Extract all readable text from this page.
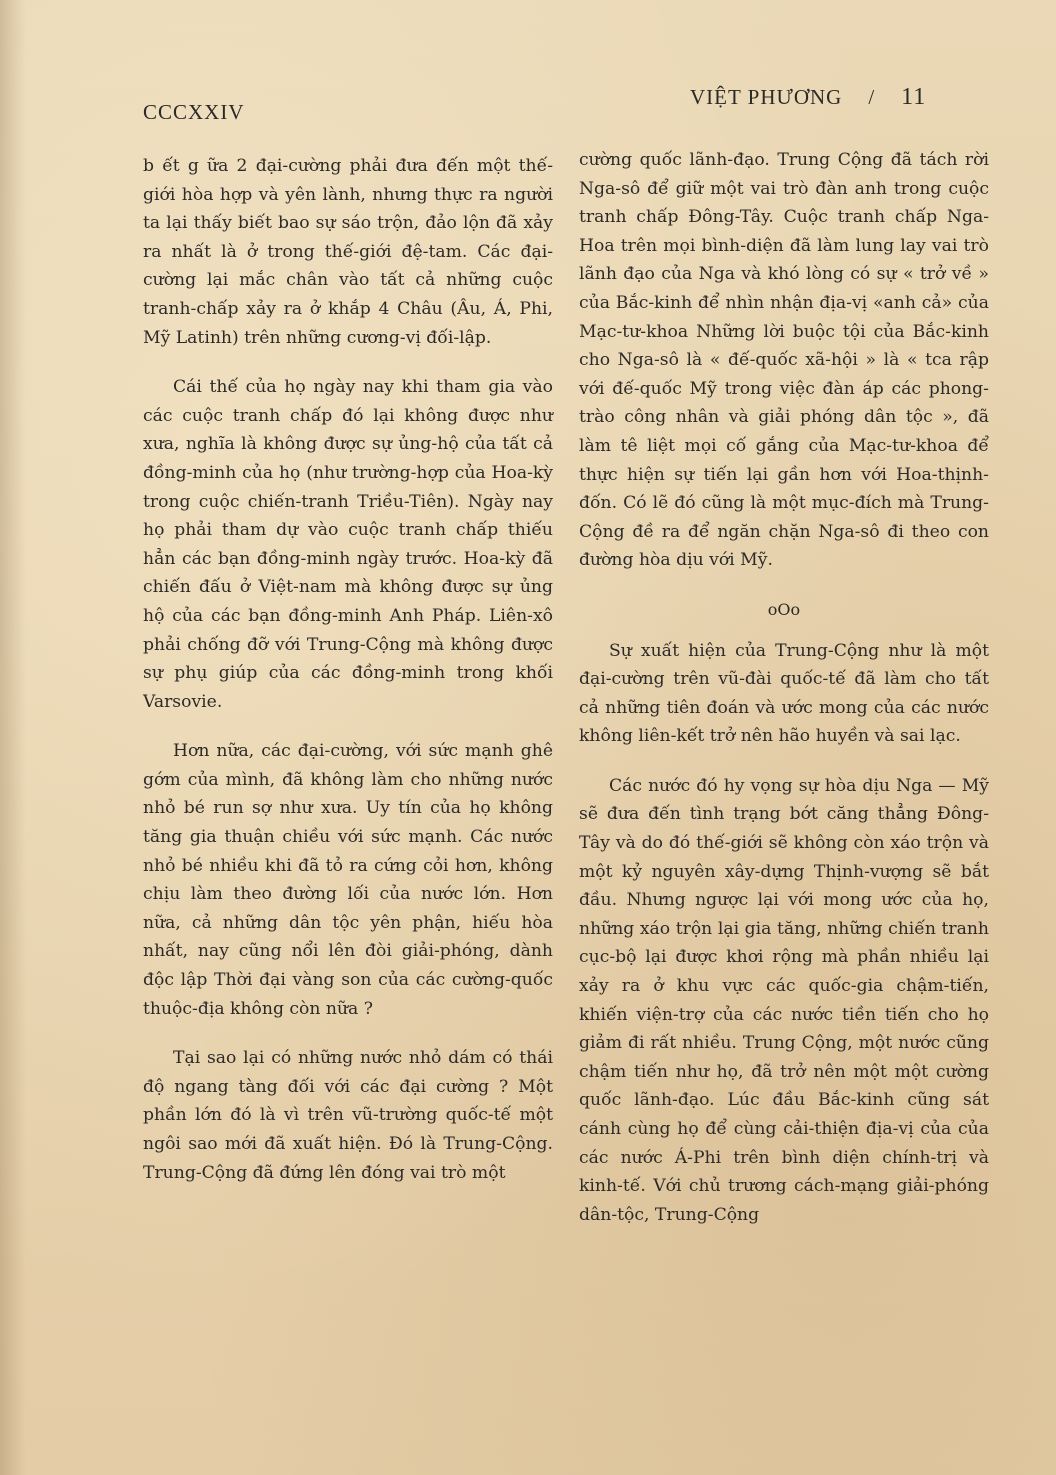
CCCXXIV
VIỆT PHƯƠNG / 11

b ết g ữa 2 đại-cường phải đưa đến một thế-giới hòa hợp và yên lành, nhưng thực ra người ta lại thấy biết bao sự sáo trộn, đảo lộn đã xảy ra nhất là ở trong thế-giới đệ-tam. Các đại-cường lại mắc chân vào tất cả những cuộc tranh-chấp xảy ra ở khắp 4 Châu (Âu, Á, Phi, Mỹ Latinh) trên những cương-vị đối-lập.

Cái thế của họ ngày nay khi tham gia vào các cuộc tranh chấp đó lại không được như xưa, nghĩa là không được sự ủng-hộ của tất cả đồng-minh của họ (như trường-hợp của Hoa-kỳ trong cuộc chiến-tranh Triều-Tiên). Ngày nay họ phải tham dự vào cuộc tranh chấp thiếu hẳn các bạn đồng-minh ngày trước. Hoa-kỳ đã chiến đấu ở Việt-nam mà không được sự ủng hộ của các bạn đồng-minh Anh Pháp. Liên-xô phải chống đỡ với Trung-Cộng mà không được sự phụ giúp của các đồng-minh trong khối Varsovie.

Hơn nữa, các đại-cường, với sức mạnh ghê gớm của mình, đã không làm cho những nước nhỏ bé run sợ như xưa. Uy tín của họ không tăng gia thuận chiều với sức mạnh. Các nước nhỏ bé nhiều khi đã tỏ ra cứng cỏi hơn, không chịu làm theo đường lối của nước lớn. Hơn nữa, cả những dân tộc yên phận, hiếu hòa nhất, nay cũng nổi lên đòi giải-phóng, dành độc lập Thời đại vàng son của các cường-quốc thuộc-địa không còn nữa ?

Tại sao lại có những nước nhỏ dám có thái độ ngang tàng đối với các đại cường ? Một phần lớn đó là vì trên vũ-trường quốc-tế một ngôi sao mới đã xuất hiện. Đó là Trung-Cộng. Trung-Cộng đã đứng lên đóng vai trò một

cường quốc lãnh-đạo. Trung Cộng đã tách rời Nga-sô để giữ một vai trò đàn anh trong cuộc tranh chấp Đông-Tây. Cuộc tranh chấp Nga-Hoa trên mọi bình-diện đã làm lung lay vai trò lãnh đạo của Nga và khó lòng có sự « trở về » của Bắc-kinh để nhìn nhận địa-vị «anh cả» của Mạc-tư-khoa Những lời buộc tội của Bắc-kinh cho Nga-sô là « đế-quốc xã-hội » là « tca rập với đế-quốc Mỹ trong việc đàn áp các phong-trào công nhân và giải phóng dân tộc », đã làm tê liệt mọi cố gắng của Mạc-tư-khoa để thực hiện sự tiến lại gần hơn với Hoa-thịnh-đốn. Có lẽ đó cũng là một mục-đích mà Trung-Cộng đề ra để ngăn chặn Nga-sô đi theo con đường hòa dịu với Mỹ.

oOo

Sự xuất hiện của Trung-Cộng như là một đại-cường trên vũ-đài quốc-tế đã làm cho tất cả những tiên đoán và ước mong của các nước không liên-kết trở nên hão huyền và sai lạc.

Các nước đó hy vọng sự hòa dịu Nga — Mỹ sẽ đưa đến tình trạng bớt căng thẳng Đông-Tây và do đó thế-giới sẽ không còn xáo trộn và một kỷ nguyên xây-dựng Thịnh-vượng sẽ bắt đầu. Nhưng ngược lại với mong ước của họ, những xáo trộn lại gia tăng, những chiến tranh cục-bộ lại được khơi rộng mà phần nhiều lại xảy ra ở khu vực các quốc-gia chậm-tiến, khiến viện-trợ của các nước tiền tiến cho họ giảm đi rất nhiều. Trung Cộng, một nước cũng chậm tiến như họ, đã trở nên một một cường quốc lãnh-đạo. Lúc đầu Bắc-kinh cũng sát cánh cùng họ để cùng cải-thiện địa-vị của của các nước Á-Phi trên bình diện chính-trị và kinh-tế. Với chủ trương cách-mạng giải-phóng dân-tộc, Trung-Cộng
